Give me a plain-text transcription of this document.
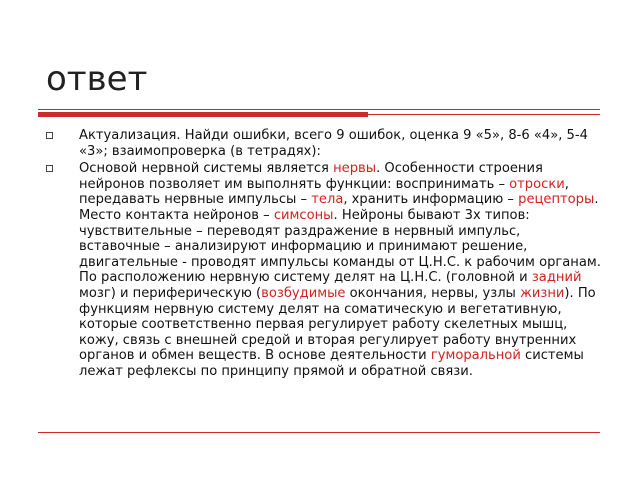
ответ
Актуализация. Найди ошибки, всего 9 ошибок, оценка 9 «5», 8-6 «4», 5-4 «3»; взаимопроверка (в тетрадях):
Основой нервной системы является нервы. Особенности строения нейронов позволяет им выполнять функции: воспринимать – отроски, передавать нервные импульсы – тела, хранить информацию – рецепторы. Место контакта нейронов – симсоны. Нейроны бывают 3х типов: чувствительные – переводят раздражение в нервный импульс, вставочные – анализируют информацию и принимают решение, двигательные - проводят импульсы команды от Ц.Н.С. к рабочим органам. По расположению нервную систему делят на Ц.Н.С. (головной и задний мозг) и периферическую (возбудимые окончания, нервы, узлы жизни). По функциям нервную систему делят на соматическую и вегетативную, которые соответственно первая регулирует работу скелетных мышц, кожу, связь с внешней средой и вторая регулирует работу внутренних органов и обмен веществ. В основе деятельности гуморальной системы лежат рефлексы по принципу прямой и обратной связи.
